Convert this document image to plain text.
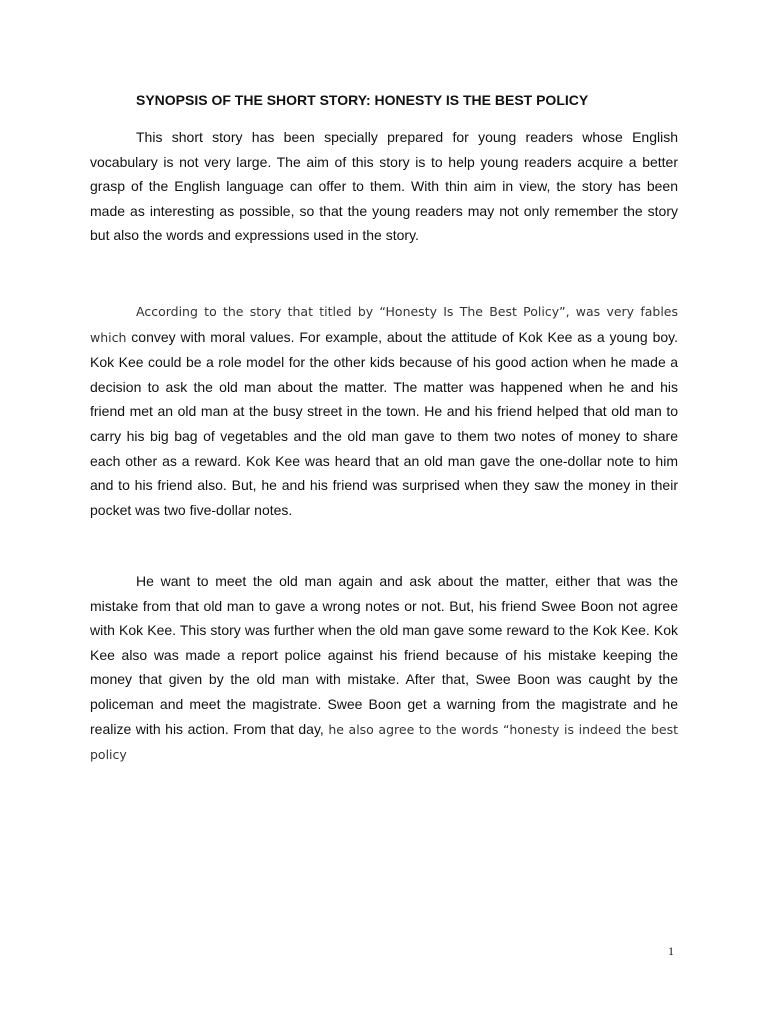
SYNOPSIS OF THE SHORT STORY: HONESTY IS THE BEST POLICY

This short story has been specially prepared for young readers whose English vocabulary is not very large. The aim of this story is to help young readers acquire a better grasp of the English language can offer to them. With thin aim in view, the story has been made as interesting as possible, so that the young readers may not only remember the story but also the words and expressions used in the story.

According to the story that titled by “Honesty Is The Best Policy”, was very fables which convey with moral values. For example, about the attitude of Kok Kee as a young boy. Kok Kee could be a role model for the other kids because of his good action when he made a decision to ask the old man about the matter. The matter was happened when he and his friend met an old man at the busy street in the town. He and his friend helped that old man to carry his big bag of vegetables and the old man gave to them two notes of money to share each other as a reward. Kok Kee was heard that an old man gave the one-dollar note to him and to his friend also. But, he and his friend was surprised when they saw the money in their pocket was two five-dollar notes.

He want to meet the old man again and ask about the matter, either that was the mistake from that old man to gave a wrong notes or not. But, his friend Swee Boon not agree with Kok Kee. This story was further when the old man gave some reward to the Kok Kee. Kok Kee also was made a report police against his friend because of his mistake keeping the money that given by the old man with mistake. After that, Swee Boon was caught by the policeman and meet the magistrate. Swee Boon get a warning from the magistrate and he realize with his action. From that day, he also agree to the words “honesty is indeed the best policy

1
